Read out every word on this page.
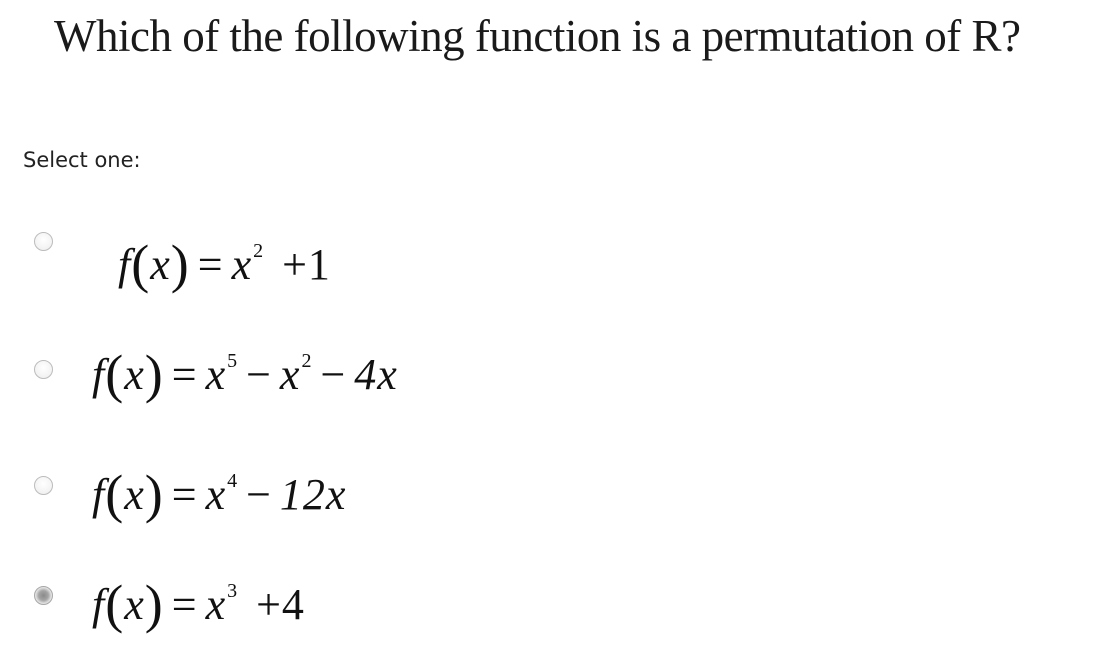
Which of the following function is a permutation of R?
Select one:
$f(x) = x^2 +1$
$f(x) = x^5 - x^2 - 4x$
$f(x) = x^4 - 12x$
$f(x) = x^3 +4$
